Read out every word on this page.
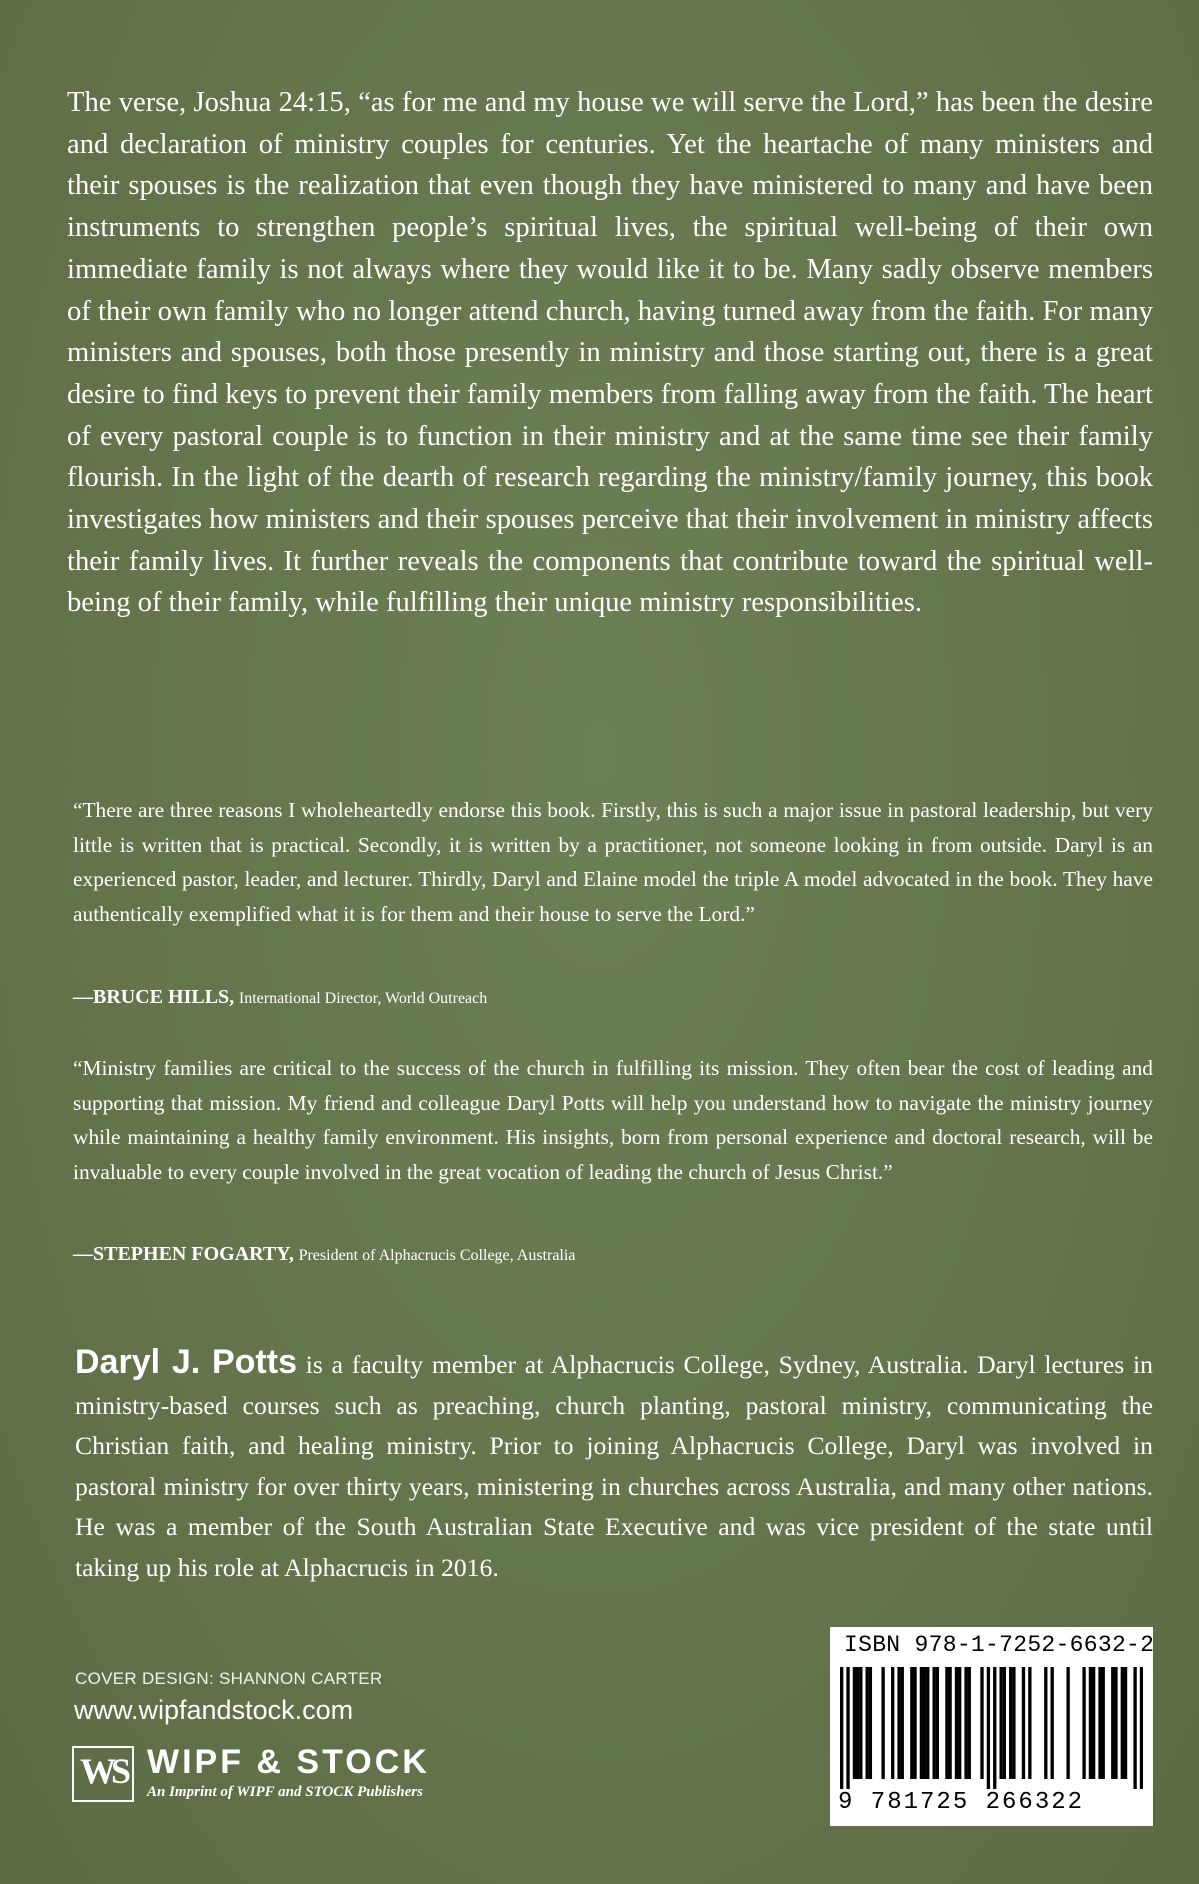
The verse, Joshua 24:15, “as for me and my house we will serve the Lord,” has been the desire and declaration of ministry couples for centuries. Yet the heartache of many ministers and their spouses is the realization that even though they have ministered to many and have been instruments to strengthen people’s spiritual lives, the spiritual well-being of their own immediate family is not always where they would like it to be. Many sadly observe members of their own family who no longer attend church, having turned away from the faith. For many ministers and spouses, both those presently in ministry and those starting out, there is a great desire to find keys to prevent their family members from falling away from the faith. The heart of every pastoral couple is to function in their ministry and at the same time see their family flourish. In the light of the dearth of research regarding the ministry/family journey, this book investigates how ministers and their spouses perceive that their involvement in ministry affects their family lives. It further reveals the components that contribute toward the spiritual well-being of their family, while fulfilling their unique ministry responsibilities.

“There are three reasons I wholeheartedly endorse this book. Firstly, this is such a major issue in pastoral leadership, but very little is written that is practical. Secondly, it is written by a practitioner, not someone looking in from outside. Daryl is an experienced pastor, leader, and lecturer. Thirdly, Daryl and Elaine model the triple A model advocated in the book. They have authentically exemplified what it is for them and their house to serve the Lord.”

—BRUCE HILLS, International Director, World Outreach

“Ministry families are critical to the success of the church in fulfilling its mission. They often bear the cost of leading and supporting that mission. My friend and colleague Daryl Potts will help you understand how to navigate the ministry journey while maintaining a healthy family environment. His insights, born from personal experience and doctoral research, will be invaluable to every couple involved in the great vocation of leading the church of Jesus Christ.”

—STEPHEN FOGARTY, President of Alphacrucis College, Australia

Daryl J. Potts is a faculty member at Alphacrucis College, Sydney, Australia. Daryl lectures in ministry-based courses such as preaching, church planting, pastoral ministry, communicating the Christian faith, and healing ministry. Prior to joining Alphacrucis College, Daryl was involved in pastoral ministry for over thirty years, ministering in churches across Australia, and many other nations. He was a member of the South Australian State Executive and was vice president of the state until taking up his role at Alphacrucis in 2016.

COVER DESIGN: SHANNON CARTER

www.wipfandstock.com

WS WIPF & STOCK
An Imprint of WIPF and STOCK Publishers
ISBN 978-1-7252-6632-2
9 781725 266322
